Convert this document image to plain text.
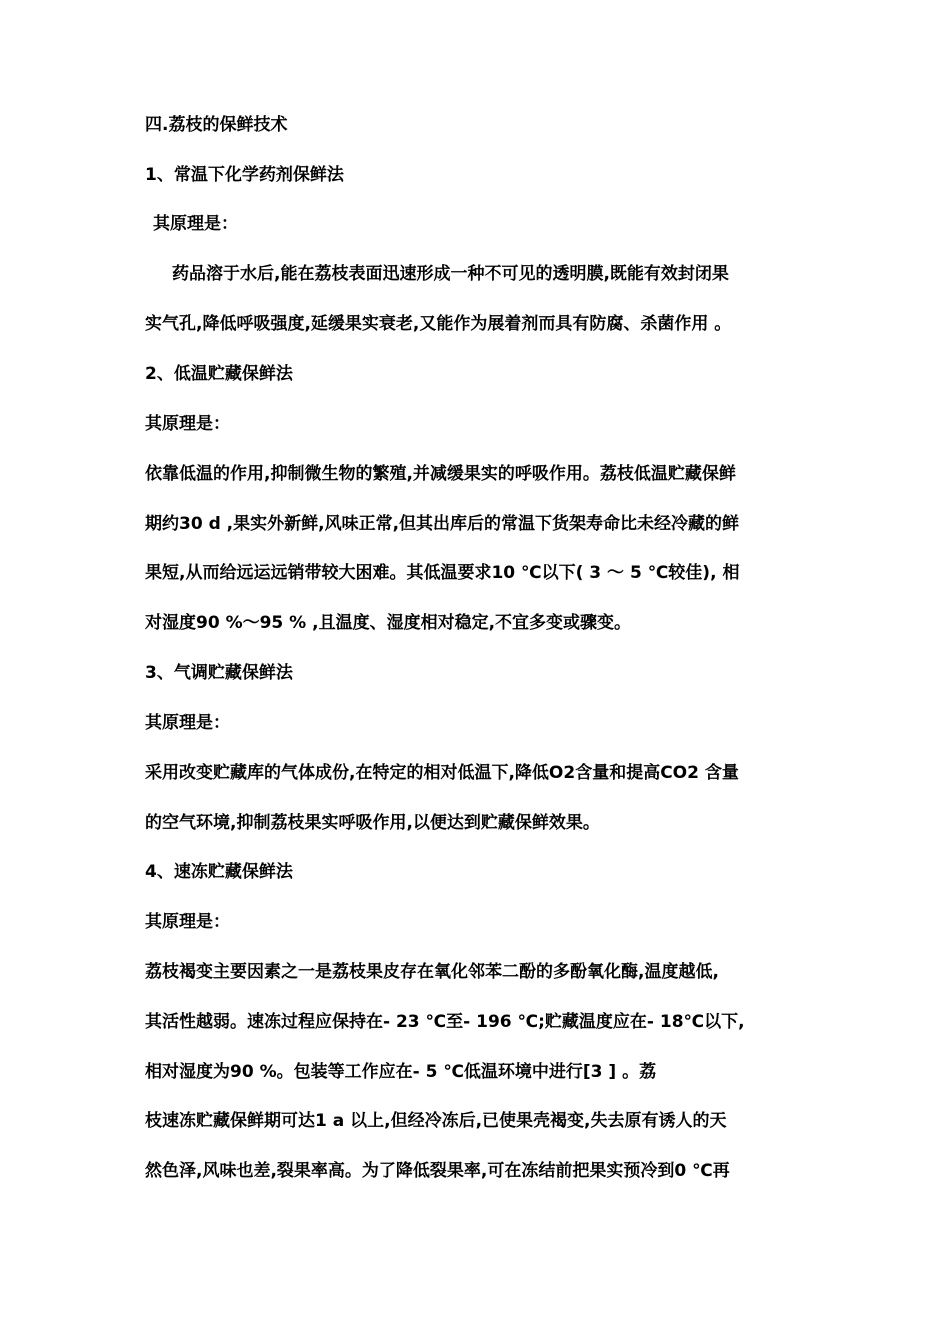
四.荔枝的保鲜技术
1、常温下化学药剂保鲜法
其原理是：
药品溶于水后,能在荔枝表面迅速形成一种不可见的透明膜,既能有效封闭果
实气孔,降低呼吸强度,延缓果实衰老,又能作为展着剂而具有防腐、杀菌作用 。
2、低温贮藏保鲜法
其原理是：
依靠低温的作用,抑制微生物的繁殖,并减缓果实的呼吸作用。荔枝低温贮藏保鲜
期约30 d ,果实外新鲜,风味正常,但其出库后的常温下货架寿命比未经冷藏的鲜
果短,从而给远运远销带较大困难。其低温要求10 ℃以下( 3 ～ 5 ℃较佳), 相
对湿度90 %～95 % ,且温度、湿度相对稳定,不宜多变或骤变。
3、气调贮藏保鲜法
其原理是：
采用改变贮藏库的气体成份,在特定的相对低温下,降低O2含量和提高CO2 含量
的空气环境,抑制荔枝果实呼吸作用,以便达到贮藏保鲜效果。
4、速冻贮藏保鲜法
其原理是：
荔枝褐变主要因素之一是荔枝果皮存在氧化邻苯二酚的多酚氧化酶,温度越低,
其活性越弱。速冻过程应保持在- 23 ℃至- 196 ℃;贮藏温度应在- 18℃以下,
相对湿度为90 %。包装等工作应在- 5 ℃低温环境中进行[3 ] 。荔
枝速冻贮藏保鲜期可达1 a 以上,但经冷冻后,已使果壳褐变,失去原有诱人的天
然色泽,风味也差,裂果率高。为了降低裂果率,可在冻结前把果实预冷到0 ℃再
